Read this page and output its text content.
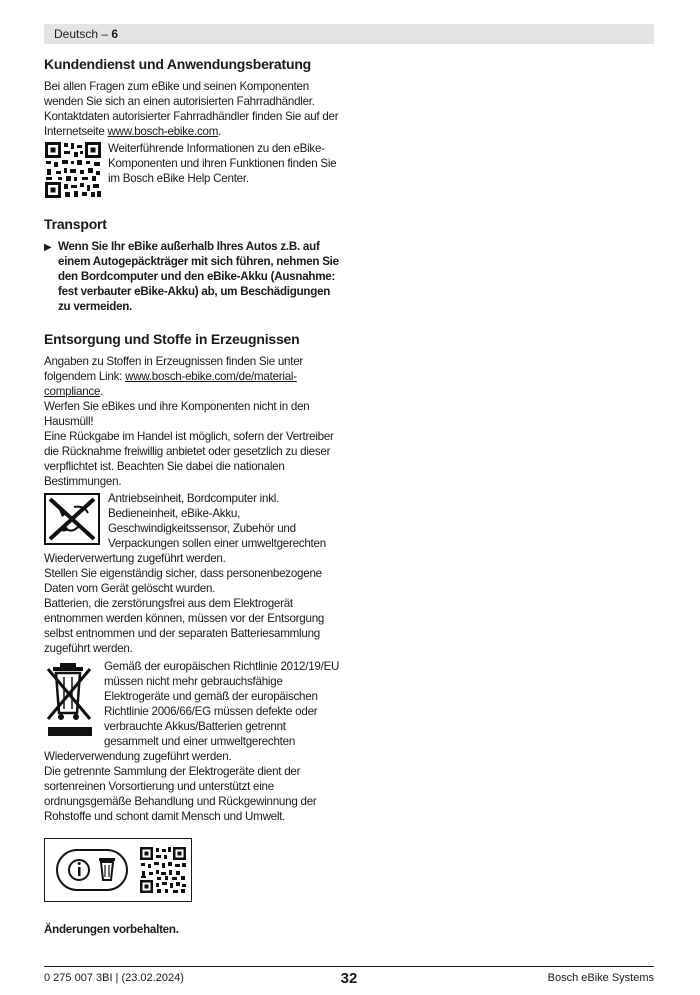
Deutsch – 6
Kundendienst und Anwendungsberatung

Bei allen Fragen zum eBike und seinen Komponenten wenden Sie sich an einen autorisierten Fahrradhändler.

Kontaktdaten autorisierter Fahrradhändler finden Sie auf der Internetseite www.bosch-ebike.com.

Weiterführende Informationen zu den eBike-Komponenten und ihren Funktionen finden Sie im Bosch eBike Help Center.

Transport
▶ Wenn Sie Ihr eBike außerhalb Ihres Autos z.B. auf einem Autogepäckträger mit sich führen, nehmen Sie den Bordcomputer und den eBike-Akku (Ausnahme: fest verbauter eBike-Akku) ab, um Beschädigungen zu vermeiden.
Entsorgung und Stoffe in Erzeugnissen

Angaben zu Stoffen in Erzeugnissen finden Sie unter folgendem Link: www.bosch-ebike.com/de/material-compliance.

Werfen Sie eBikes und ihre Komponenten nicht in den Hausmüll!

Eine Rückgabe im Handel ist möglich, sofern der Vertreiber die Rücknahme freiwillig anbietet oder gesetzlich zu dieser verpflichtet ist. Beachten Sie dabei die nationalen Bestimmungen.

Antriebseinheit, Bordcomputer inkl. Bedieneinheit, eBike-Akku, Geschwindigkeitssensor, Zubehör und Verpackungen sollen einer umweltgerechten Wiederverwertung zugeführt werden.

Stellen Sie eigenständig sicher, dass personenbezogene Daten vom Gerät gelöscht wurden.

Batterien, die zerstörungsfrei aus dem Elektrogerät entnommen werden können, müssen vor der Entsorgung selbst entnommen und der separaten Batteriesammlung zugeführt werden.

Gemäß der europäischen Richtlinie 2012/19/EU müssen nicht mehr gebrauchsfähige Elektrogeräte und gemäß der europäischen Richtlinie 2006/66/EG müssen defekte oder verbrauchte Akkus/Batterien getrennt gesammelt und einer umweltgerechten Wiederverwendung zugeführt werden.

Die getrennte Sammlung der Elektrogeräte dient der sortenreinen Vorsortierung und unterstützt eine ordnungsgemäße Behandlung und Rückgewinnung der Rohstoffe und schont damit Mensch und Umwelt.

Änderungen vorbehalten.

0 275 007 3BI | (23.02.2024)	32	Bosch eBike Systems
